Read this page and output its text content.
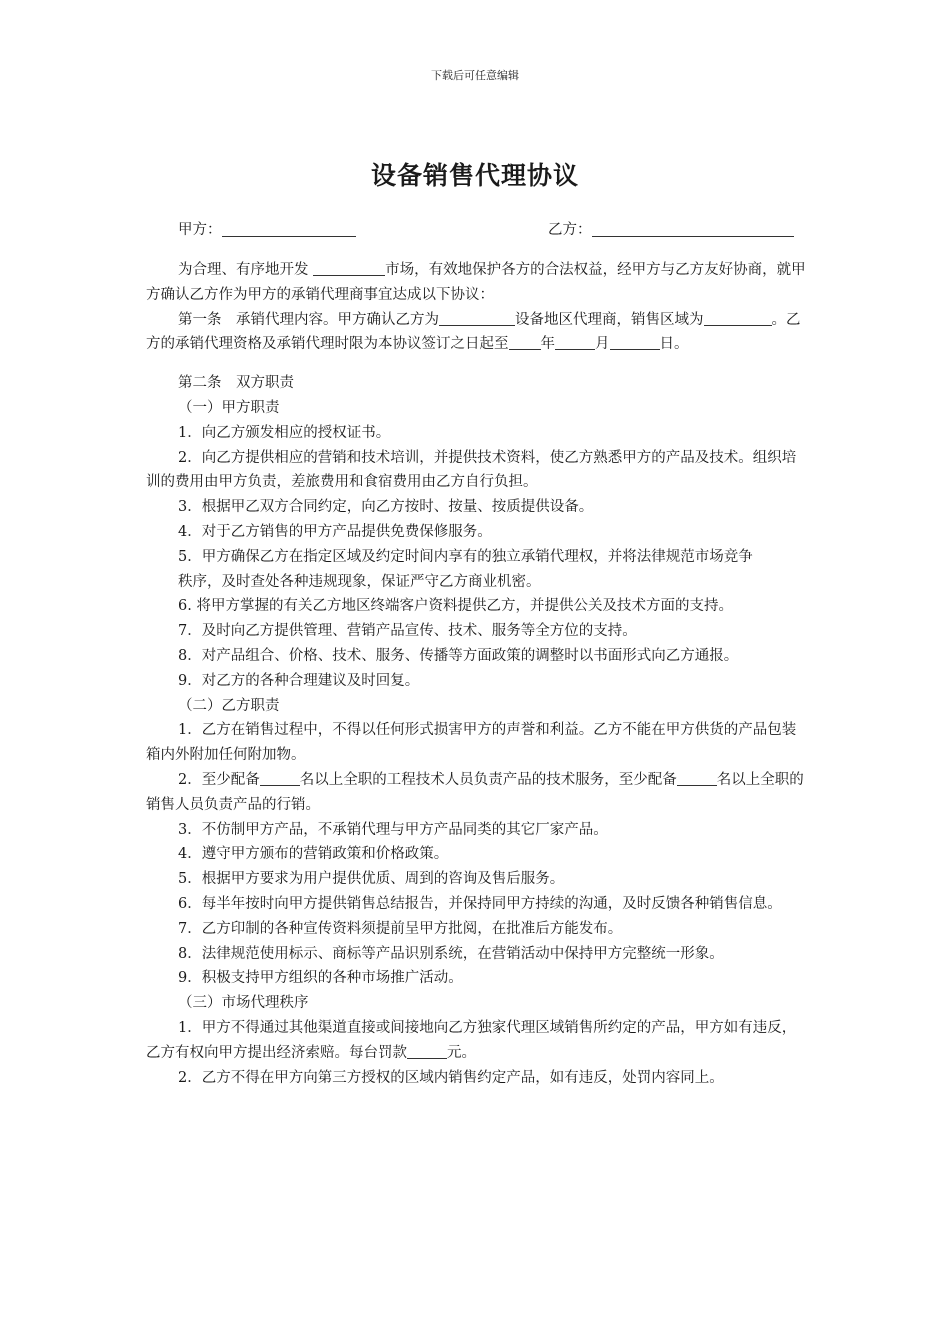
下载后可任意编辑
设备销售代理协议
甲方：	乙方：

为合理、有序地开发	市场，有效地保护各方的合法权益，经甲方与乙方友好协商，就甲方确认乙方作为甲方的承销代理商事宜达成以下协议：

第一条　承销代理内容。甲方确认乙方为	设备地区代理商，销售区域为	。乙方的承销代理资格及承销代理时限为本协议签订之日起至 年	月	日。

第二条　双方职责

（一）甲方职责

1．向乙方颁发相应的授权证书。

2．向乙方提供相应的营销和技术培训，并提供技术资料，使乙方熟悉甲方的产品及技术。组织培训的费用由甲方负责，差旅费用和食宿费用由乙方自行负担。

3．根据甲乙双方合同约定，向乙方按时、按量、按质提供设备。

4．对于乙方销售的甲方产品提供免费保修服务。

5．甲方确保乙方在指定区域及约定时间内享有的独立承销代理权，并将法律规范市场竞争

秩序，及时查处各种违规现象，保证严守乙方商业机密。

6. 将甲方掌握的有关乙方地区终端客户资料提供乙方，并提供公关及技术方面的支持。

7．及时向乙方提供管理、营销产品宣传、技术、服务等全方位的支持。

8．对产品组合、价格、技术、服务、传播等方面政策的调整时以书面形式向乙方通报。

9．对乙方的各种合理建议及时回复。

（二）乙方职责

1．乙方在销售过程中，不得以任何形式损害甲方的声誉和利益。乙方不能在甲方供货的产品包装箱内外附加任何附加物。

2．至少配备	名以上全职的工程技术人员负责产品的技术服务，至少配备	名以上全职的销售人员负责产品的行销。

3．不仿制甲方产品，不承销代理与甲方产品同类的其它厂家产品。

4．遵守甲方颁布的营销政策和价格政策。

5．根据甲方要求为用户提供优质、周到的咨询及售后服务。

6．每半年按时向甲方提供销售总结报告，并保持同甲方持续的沟通，及时反馈各种销售信息。

7．乙方印制的各种宣传资料须提前呈甲方批阅，在批准后方能发布。

8．法律规范使用标示、商标等产品识别系统，在营销活动中保持甲方完整统一形象。

9．积极支持甲方组织的各种市场推广活动。

（三）市场代理秩序

1．甲方不得通过其他渠道直接或间接地向乙方独家代理区域销售所约定的产品，甲方如有违反，乙方有权向甲方提出经济索赔。每台罚款	元。

2．乙方不得在甲方向第三方授权的区域内销售约定产品，如有违反，处罚内容同上。
